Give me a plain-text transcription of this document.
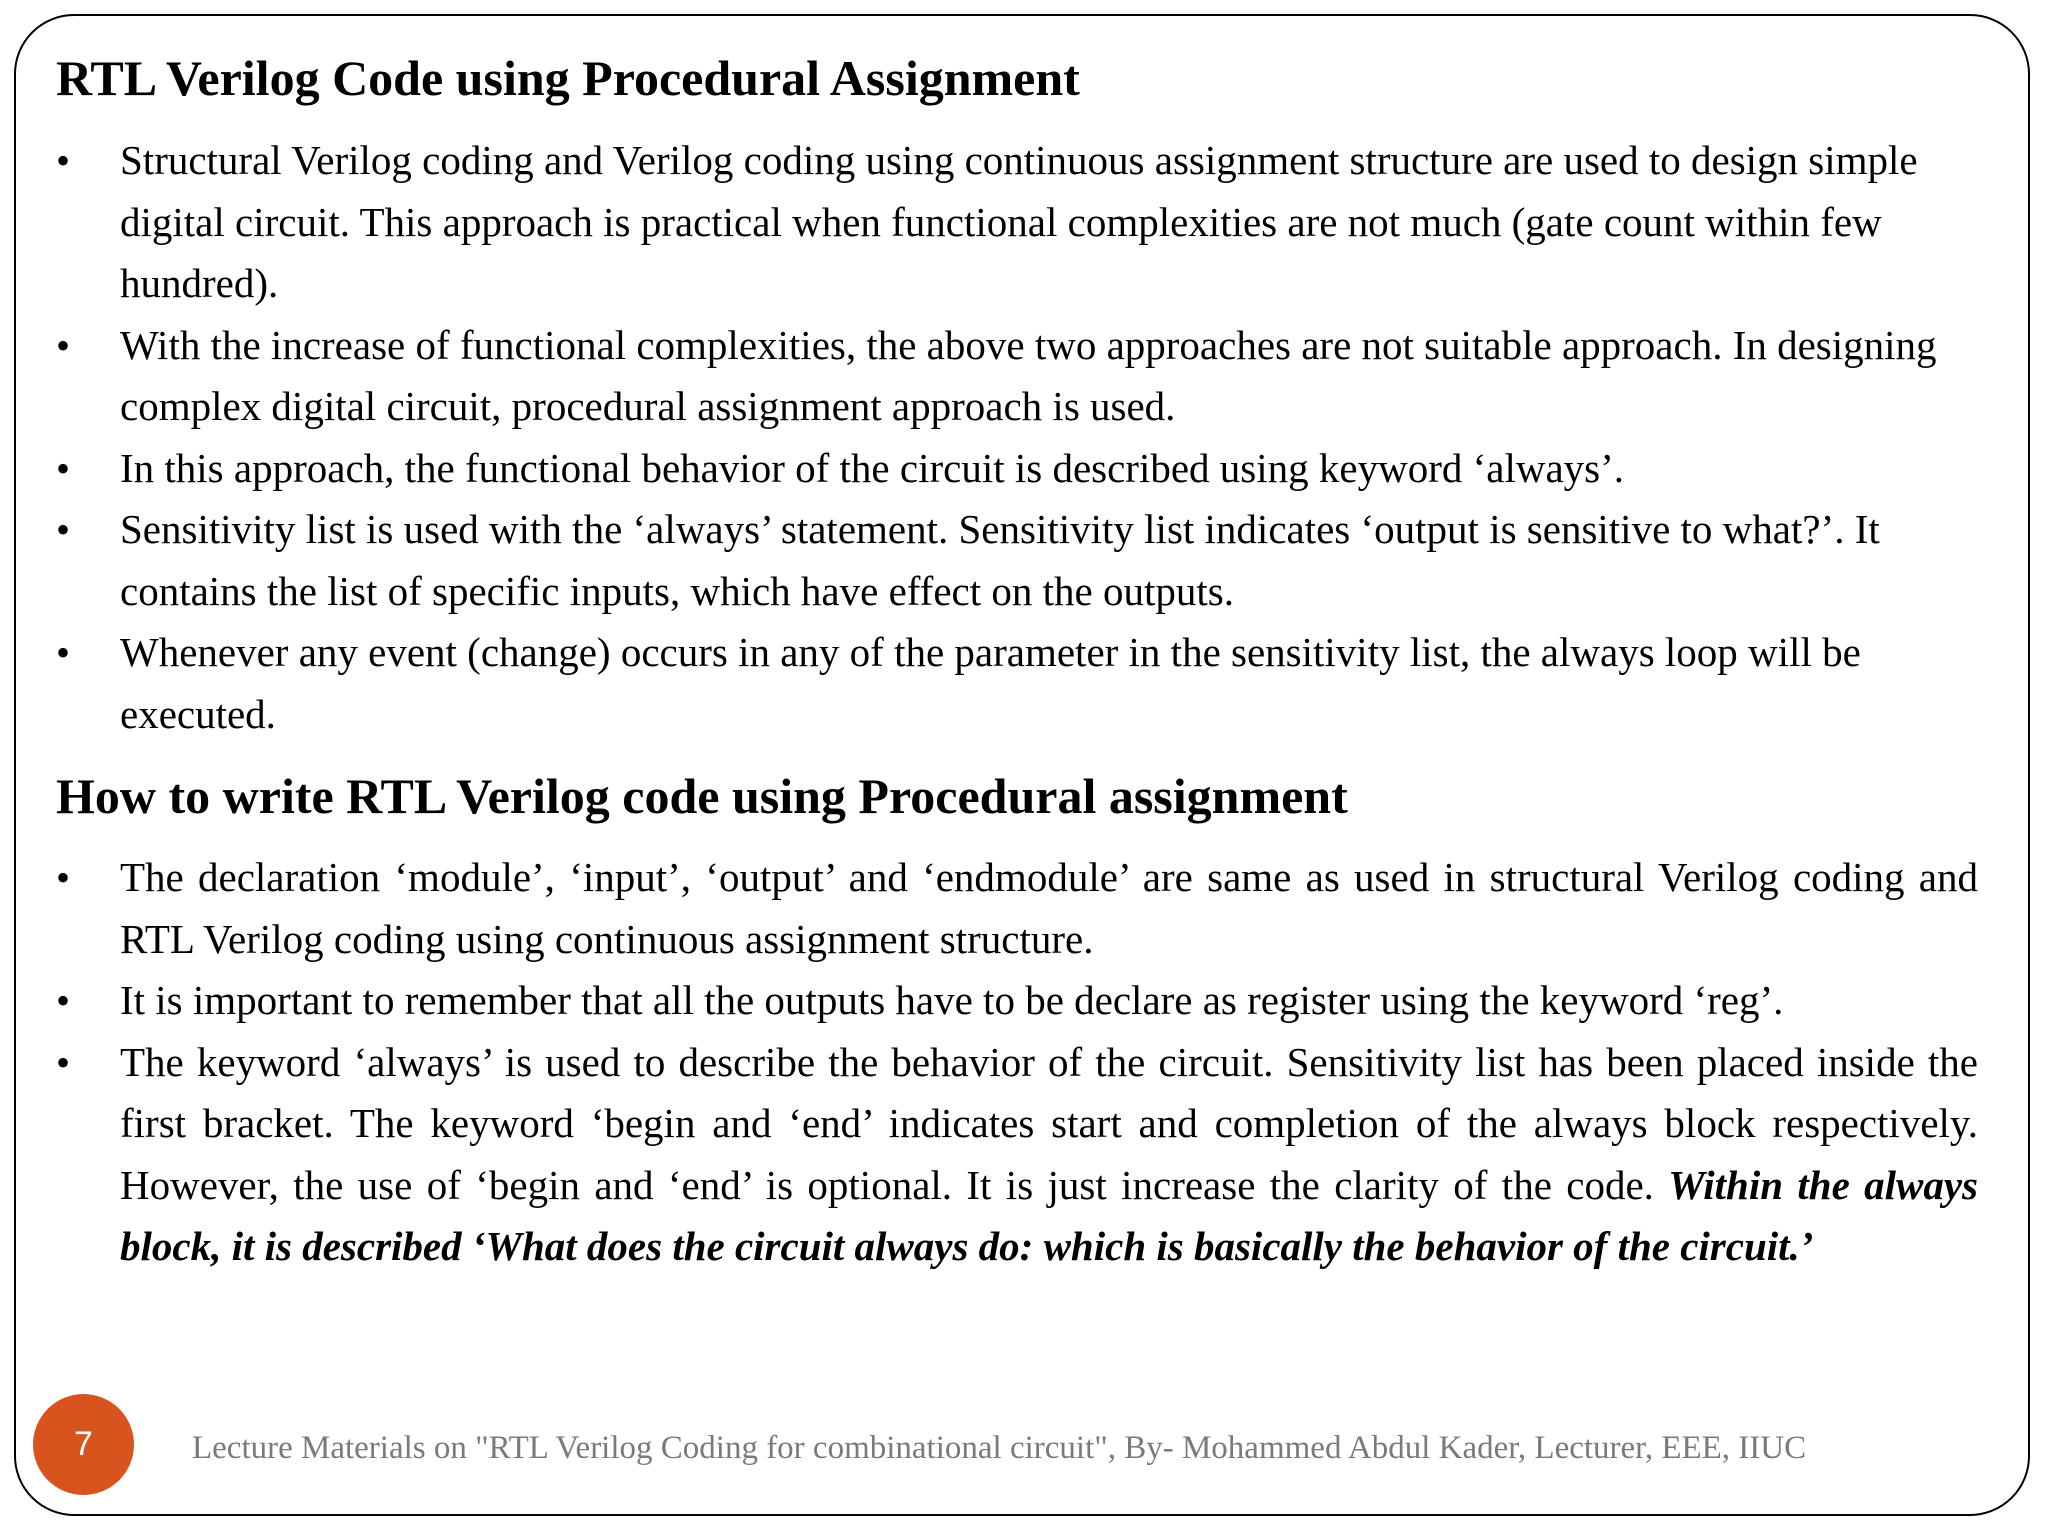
RTL Verilog Code using Procedural Assignment
• Structural Verilog coding and Verilog coding using continuous assignment structure are used to design simple digital circuit. This approach is practical when functional complexities are not much (gate count within few hundred).
• With the increase of functional complexities, the above two approaches are not suitable approach. In designing complex digital circuit, procedural assignment approach is used.
• In this approach, the functional behavior of the circuit is described using keyword ‘always’.
• Sensitivity list is used with the ‘always’ statement. Sensitivity list indicates ‘output is sensitive to what?’. It contains the list of specific inputs, which have effect on the outputs.
• Whenever any event (change) occurs in any of the parameter in the sensitivity list, the always loop will be executed.
How to write RTL Verilog code using Procedural assignment
• The declaration ‘module’, ‘input’, ‘output’ and ‘endmodule’ are same as used in structural Verilog coding and RTL Verilog coding using continuous assignment structure.
• It is important to remember that all the outputs have to be declare as register using the keyword ‘reg’.
• The keyword ‘always’ is used to describe the behavior of the circuit. Sensitivity list has been placed inside the first bracket. The keyword ‘begin and ‘end’ indicates start and completion of the always block respectively. However, the use of ‘begin and ‘end’ is optional. It is just increase the clarity of the code. Within the always block, it is described ‘What does the circuit always do: which is basically the behavior of the circuit.’
7	Lecture Materials on "RTL Verilog Coding for combinational circuit", By- Mohammed Abdul Kader, Lecturer, EEE, IIUC
